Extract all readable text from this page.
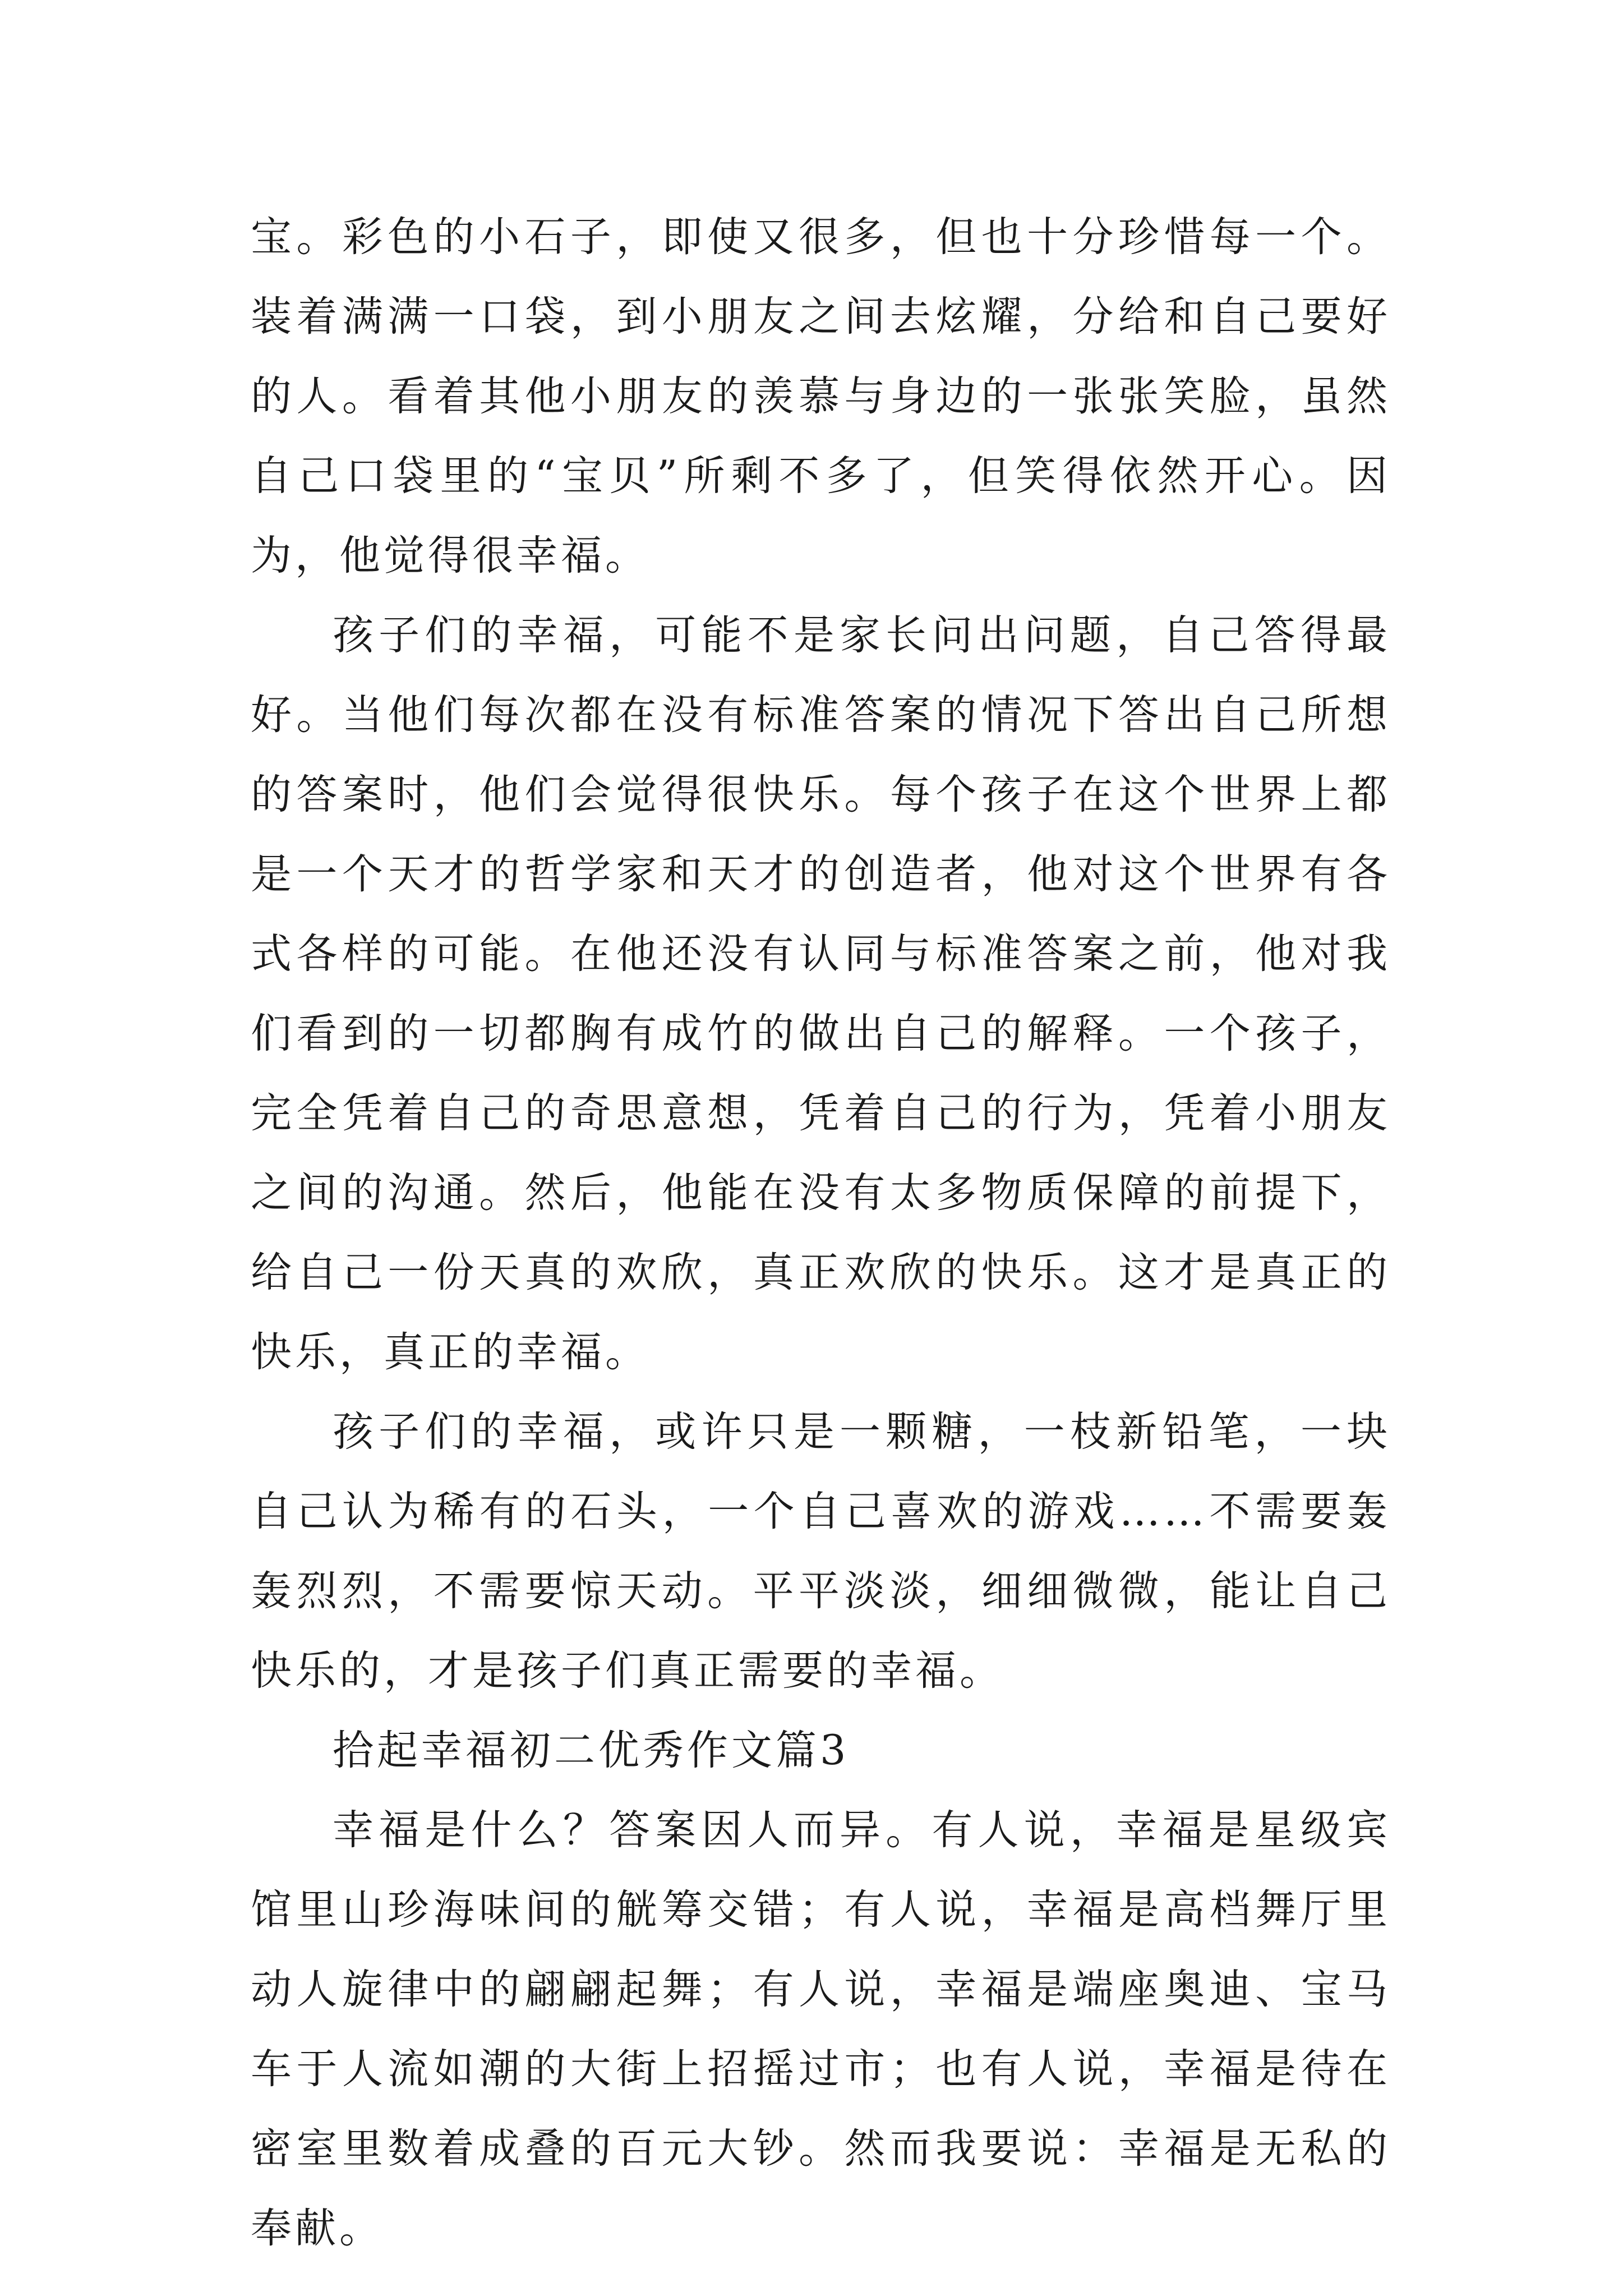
宝。彩色的小石子，即使又很多，但也十分珍惜每一个。装着满满一口袋，到小朋友之间去炫耀，分给和自己要好的人。看着其他小朋友的羡慕与身边的一张张笑脸，虽然自己口袋里的“宝贝”所剩不多了，但笑得依然开心。因为，他觉得很幸福。

孩子们的幸福，可能不是家长问出问题，自己答得最好。当他们每次都在没有标准答案的情况下答出自己所想的答案时，他们会觉得很快乐。每个孩子在这个世界上都是一个天才的哲学家和天才的创造者，他对这个世界有各式各样的可能。在他还没有认同与标准答案之前，他对我们看到的一切都胸有成竹的做出自己的解释。一个孩子，完全凭着自己的奇思意想，凭着自己的行为，凭着小朋友之间的沟通。然后，他能在没有太多物质保障的前提下，给自己一份天真的欢欣，真正欢欣的快乐。这才是真正的快乐，真正的幸福。

孩子们的幸福，或许只是一颗糖，一枝新铅笔，一块自己认为稀有的石头，一个自己喜欢的游戏……不需要轰轰烈烈，不需要惊天动。平平淡淡，细细微微，能让自己快乐的，才是孩子们真正需要的幸福。

拾起幸福初二优秀作文篇3

幸福是什么？答案因人而异。有人说，幸福是星级宾馆里山珍海味间的觥筹交错；有人说，幸福是高档舞厅里动人旋律中的翩翩起舞；有人说，幸福是端座奥迪、宝马车于人流如潮的大街上招摇过市；也有人说，幸福是待在密室里数着成叠的百元大钞。然而我要说：幸福是无私的奉献。
